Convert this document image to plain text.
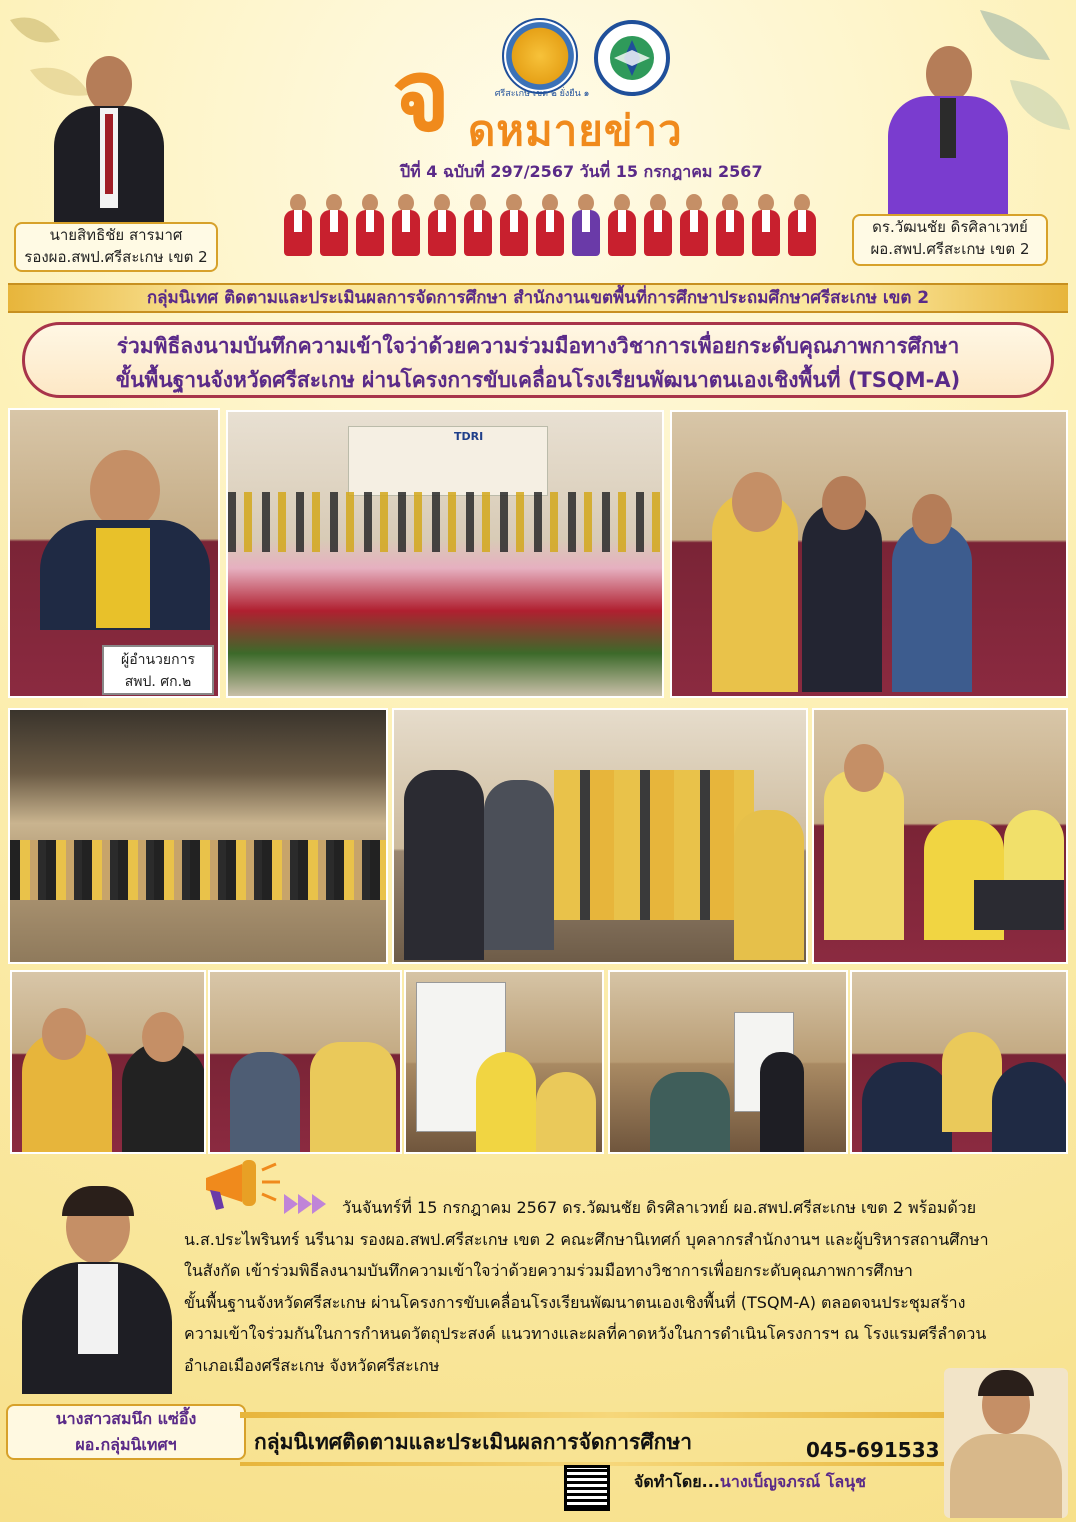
ศรีสะเกษ เขต ๒ ยั่งยืน ๑
จ ดหมายข่าว
ปีที่ 4 ฉบับที่ 297/2567 วันที่ 15 กรกฎาคม 2567
นายสิทธิชัย สารมาศ
รองผอ.สพป.ศรีสะเกษ เขต 2
ดร.วัฒนชัย ดิรศิลาเวทย์
ผอ.สพป.ศรีสะเกษ เขต 2
กลุ่มนิเทศ ติดตามและประเมินผลการจัดการศึกษา สำนักงานเขตพื้นที่การศึกษาประถมศึกษาศรีสะเกษ เขต 2
ร่วมพิธีลงนามบันทึกความเข้าใจว่าด้วยความร่วมมือทางวิชาการเพื่อยกระดับคุณภาพการศึกษา
ขั้นพื้นฐานจังหวัดศรีสะเกษ ผ่านโครงการขับเคลื่อนโรงเรียนพัฒนาตนเองเชิงพื้นที่ (TSQM-A)
ผู้อำนวยการ
สพป. ศก.๒
TDRI
วันจันทร์ที่ 15 กรกฎาคม 2567 ดร.วัฒนชัย ดิรศิลาเวทย์ ผอ.สพป.ศรีสะเกษ เขต 2 พร้อมด้วย
น.ส.ประไพรินทร์ นรีนาม รองผอ.สพป.ศรีสะเกษ เขต 2 คณะศึกษานิเทศก์ บุคลากรสำนักงานฯ และผู้บริหารสถานศึกษา
ในสังกัด เข้าร่วมพิธีลงนามบันทึกความเข้าใจว่าด้วยความร่วมมือทางวิชาการเพื่อยกระดับคุณภาพการศึกษา
ขั้นพื้นฐานจังหวัดศรีสะเกษ ผ่านโครงการขับเคลื่อนโรงเรียนพัฒนาตนเองเชิงพื้นที่ (TSQM-A) ตลอดจนประชุมสร้าง
ความเข้าใจร่วมกันในการกำหนดวัตถุประสงค์ แนวทางและผลที่คาดหวังในการดำเนินโครงการฯ ณ โรงแรมศรีลำดวน
อำเภอเมืองศรีสะเกษ จังหวัดศรีสะเกษ
นางสาวสมนึก แซ่อึ้ง
ผอ.กลุ่มนิเทศฯ	กลุ่มนิเทศติดตามและประเมินผลการจัดการศึกษา	045-691533
จัดทำโดย...นางเบ็ญจภรณ์ โลนุช
